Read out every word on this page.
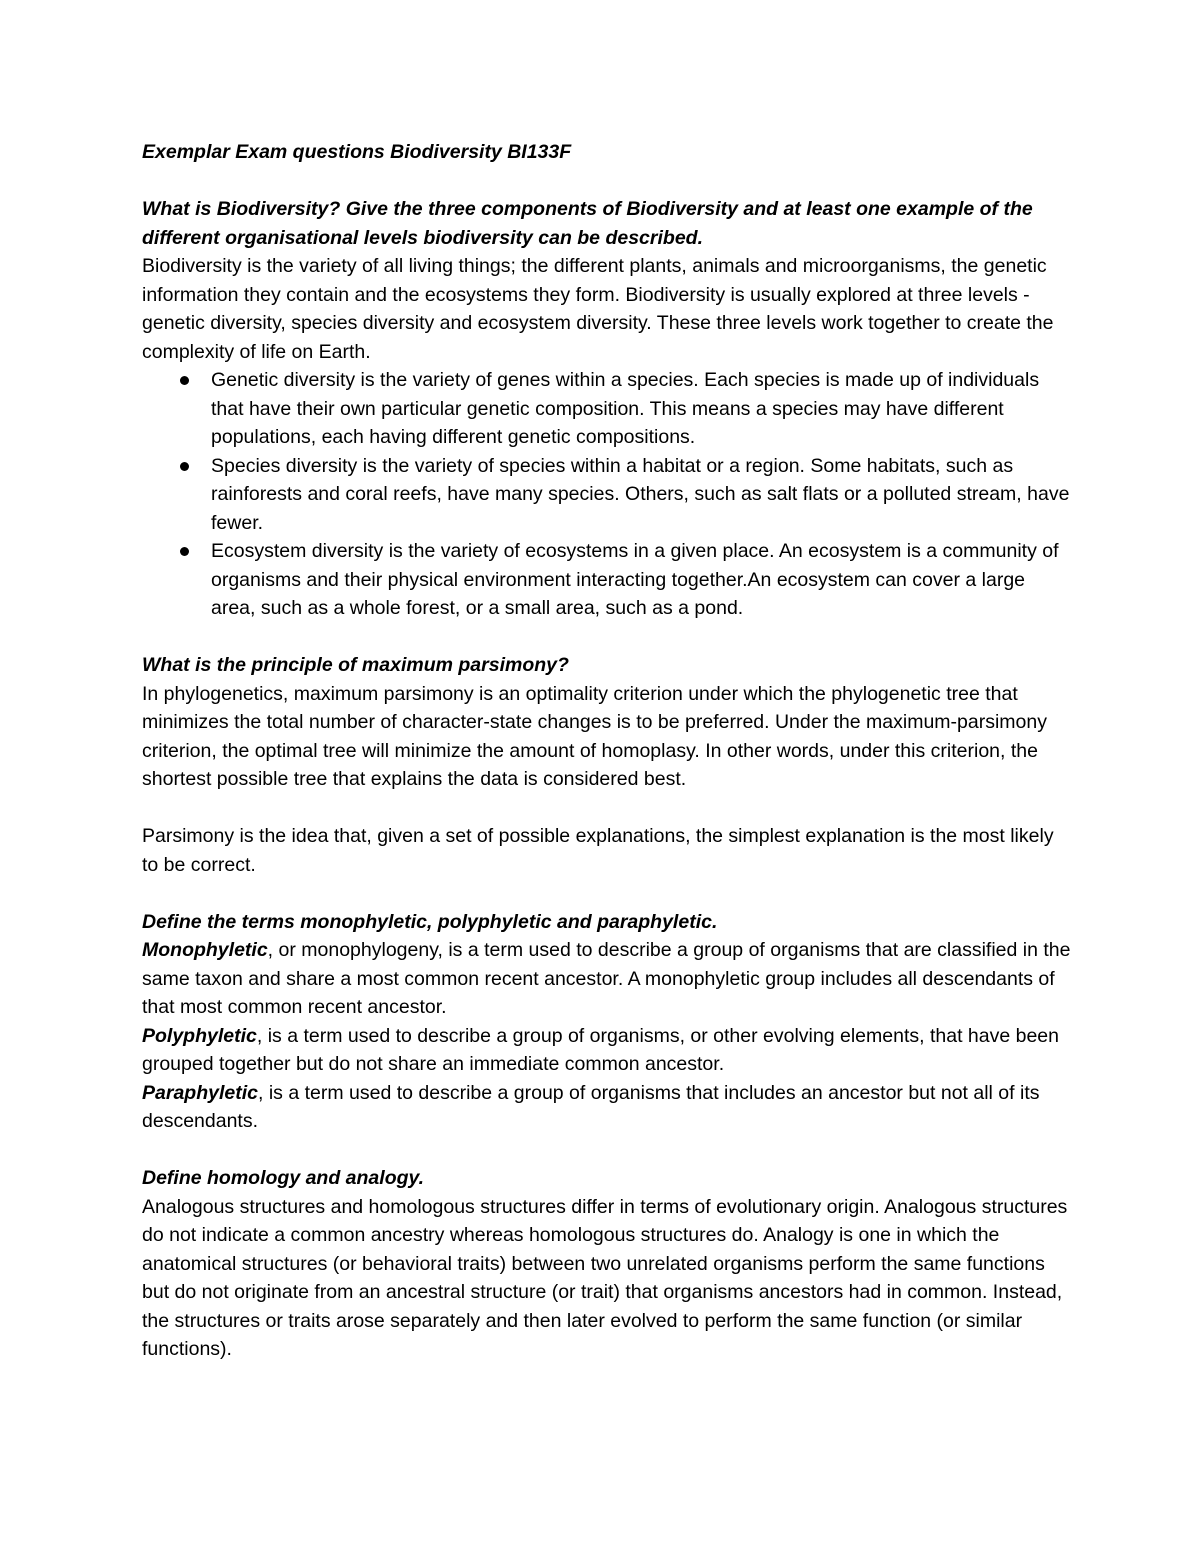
Exemplar Exam questions Biodiversity BI133F

What is Biodiversity? Give the three components of Biodiversity and at least one example of the different organisational levels biodiversity can be described.

Biodiversity is the variety of all living things; the different plants, animals and microorganisms, the genetic information they contain and the ecosystems they form. Biodiversity is usually explored at three levels - genetic diversity, species diversity and ecosystem diversity. These three levels work together to create the complexity of life on Earth.

Genetic diversity is the variety of genes within a species. Each species is made up of individuals that have their own particular genetic composition. This means a species may have different populations, each having different genetic compositions.
Species diversity is the variety of species within a habitat or a region. Some habitats, such as rainforests and coral reefs, have many species. Others, such as salt flats or a polluted stream, have fewer.
Ecosystem diversity is the variety of ecosystems in a given place. An ecosystem is a community of organisms and their physical environment interacting together.An ecosystem can cover a large area, such as a whole forest, or a small area, such as a pond.

What is the principle of maximum parsimony?

In phylogenetics, maximum parsimony is an optimality criterion under which the phylogenetic tree that minimizes the total number of character-state changes is to be preferred. Under the maximum-parsimony criterion, the optimal tree will minimize the amount of homoplasy. In other words, under this criterion, the shortest possible tree that explains the data is considered best.

Parsimony is the idea that, given a set of possible explanations, the simplest explanation is the most likely to be correct.

Define the terms monophyletic, polyphyletic and paraphyletic.

Monophyletic, or monophylogeny, is a term used to describe a group of organisms that are classified in the same taxon and share a most common recent ancestor. A monophyletic group includes all descendants of that most common recent ancestor.

Polyphyletic, is a term used to describe a group of organisms, or other evolving elements, that have been grouped together but do not share an immediate common ancestor.

Paraphyletic, is a term used to describe a group of organisms that includes an ancestor but not all of its descendants.

Define homology and analogy.

Analogous structures and homologous structures differ in terms of evolutionary origin. Analogous structures do not indicate a common ancestry whereas homologous structures do. Analogy is one in which the anatomical structures (or behavioral traits) between two unrelated organisms perform the same functions but do not originate from an ancestral structure (or trait) that organisms ancestors had in common. Instead, the structures or traits arose separately and then later evolved to perform the same function (or similar functions).
